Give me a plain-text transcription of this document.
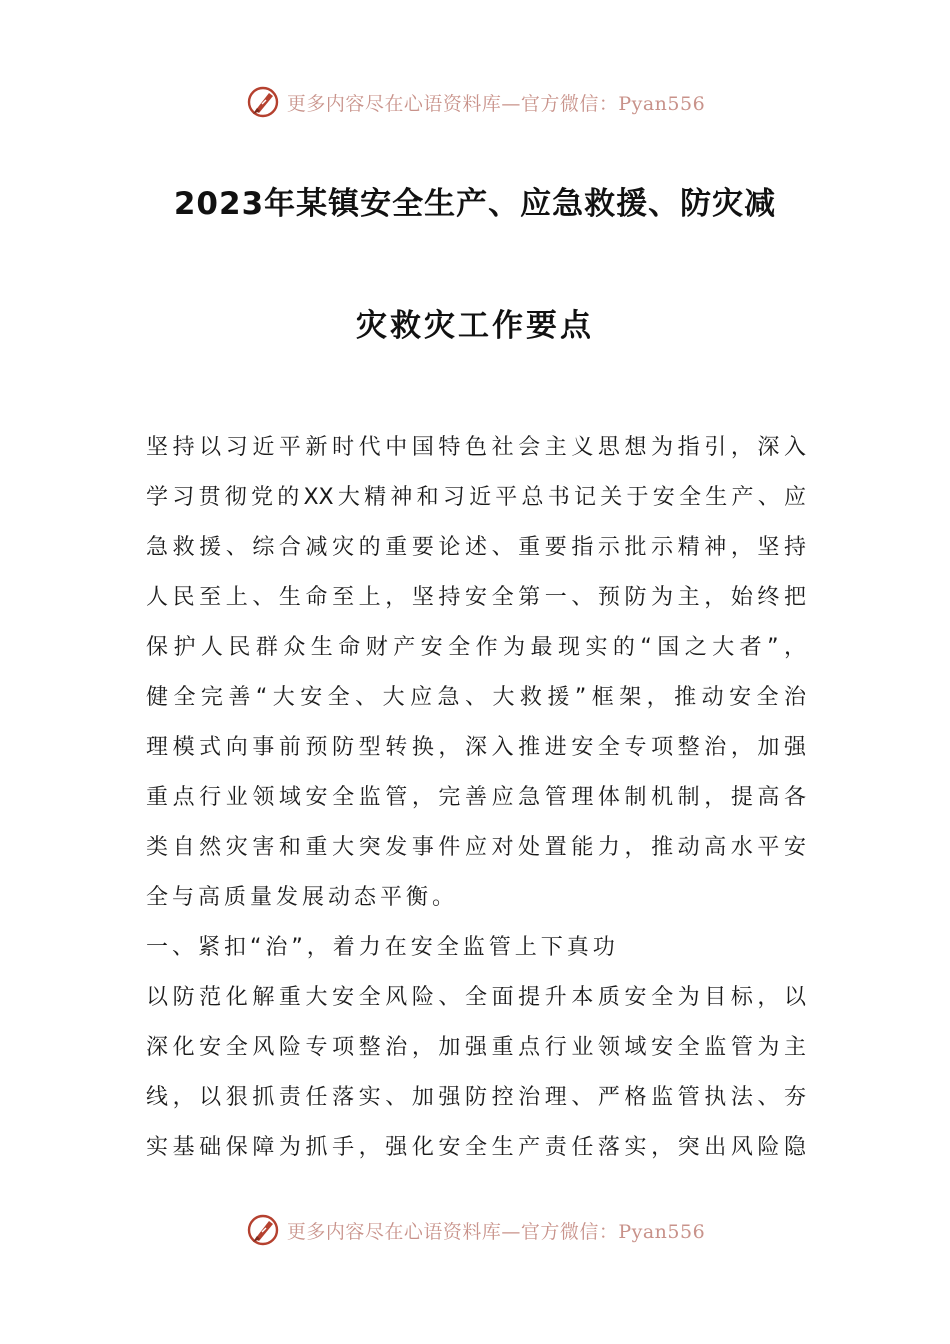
更多内容尽在心语资料库—官方微信：Pyan556
2023年某镇安全生产、应急救援、防灾减
灾救灾工作要点
坚持以习近平新时代中国特色社会主义思想为指引，深入
学习贯彻党的XX大精神和习近平总书记关于安全生产、应
急救援、综合减灾的重要论述、重要指示批示精神，坚持
人民至上、生命至上，坚持安全第一、预防为主，始终把
保护人民群众生命财产安全作为最现实的“国之大者”，
健全完善“大安全、大应急、大救援”框架，推动安全治
理模式向事前预防型转换，深入推进安全专项整治，加强
重点行业领域安全监管，完善应急管理体制机制，提高各
类自然灾害和重大突发事件应对处置能力，推动高水平安
全与高质量发展动态平衡。
一、紧扣“治”，着力在安全监管上下真功
以防范化解重大安全风险、全面提升本质安全为目标，以
深化安全风险专项整治，加强重点行业领域安全监管为主
线，以狠抓责任落实、加强防控治理、严格监管执法、夯
实基础保障为抓手，强化安全生产责任落实，突出风险隐
更多内容尽在心语资料库—官方微信：Pyan556
